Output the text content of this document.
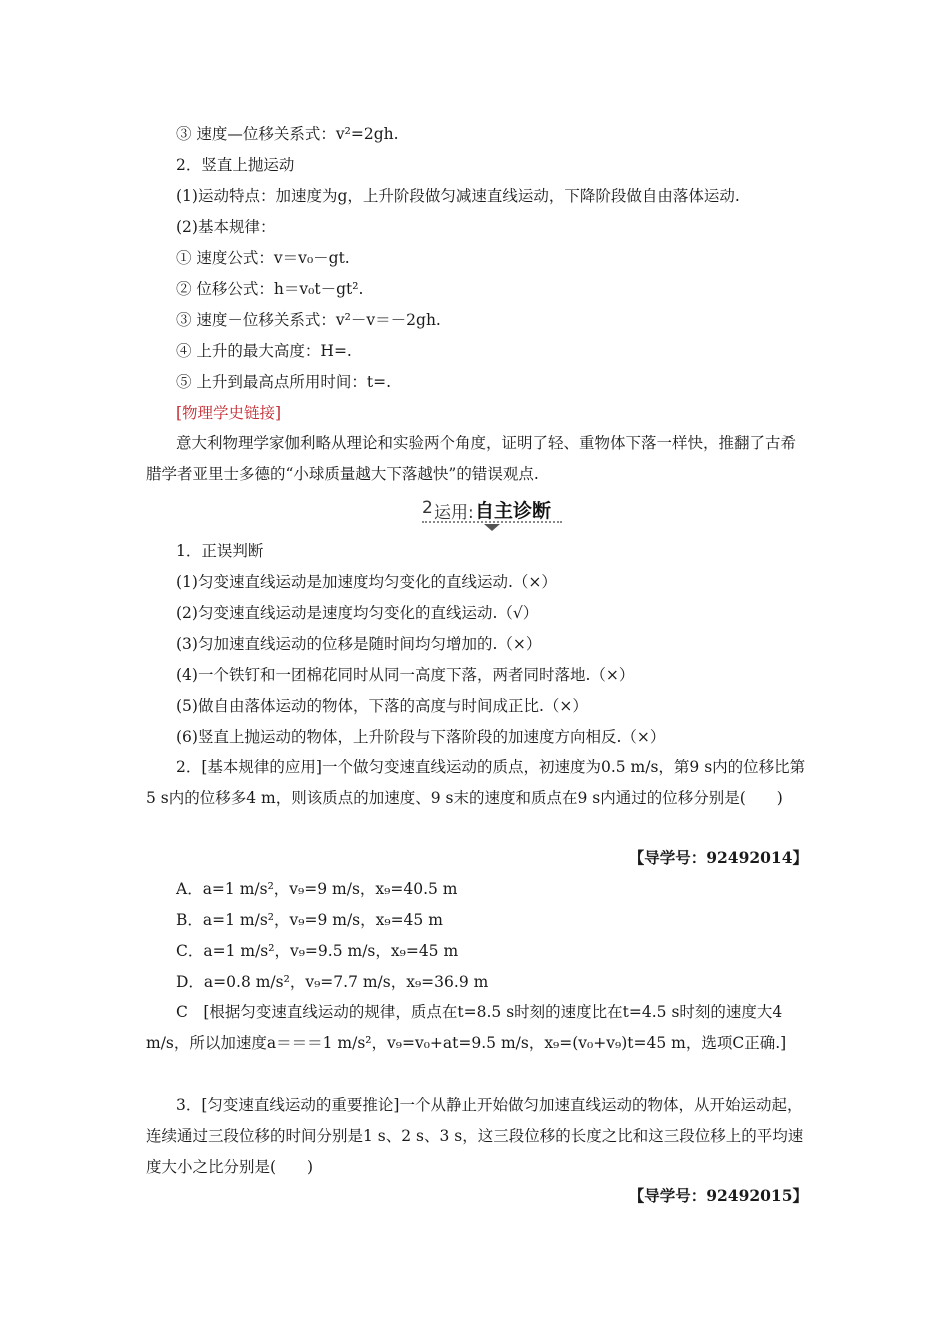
③ 速度—位移关系式：v²=2gh.
2．竖直上抛运动
(1)运动特点：加速度为g，上升阶段做匀减速直线运动，下降阶段做自由落体运动.
(2)基本规律：
① 速度公式：v＝v₀－gt.
② 位移公式：h＝v₀t－gt².
③ 速度－位移关系式：v²－v＝－2gh.
④ 上升的最大高度：H=.
⑤ 上升到最高点所用时间：t=.
[物理学史链接]
意大利物理学家伽利略从理论和实验两个角度，证明了轻、重物体下落一样快，推翻了古希腊学者亚里士多德的“小球质量越大下落越快”的错误观点.
2 运用: 自主诊断
1．正误判断
(1)匀变速直线运动是加速度均匀变化的直线运动.（×）
(2)匀变速直线运动是速度均匀变化的直线运动.（√）
(3)匀加速直线运动的位移是随时间均匀增加的.（×）
(4)一个铁钉和一团棉花同时从同一高度下落，两者同时落地.（×）
(5)做自由落体运动的物体，下落的高度与时间成正比.（×）
(6)竖直上抛运动的物体，上升阶段与下落阶段的加速度方向相反.（×）
2．[基本规律的应用]一个做匀变速直线运动的质点，初速度为0.5 m/s，第9 s内的位移比第5 s内的位移多4 m，则该质点的加速度、9 s末的速度和质点在9 s内通过的位移分别是(　　)
【导学号：92492014】
A．a=1 m/s²，v₉=9 m/s，x₉=40.5 m
B．a=1 m/s²，v₉=9 m/s，x₉=45 m
C．a=1 m/s²，v₉=9.5 m/s，x₉=45 m
D．a=0.8 m/s²，v₉=7.7 m/s，x₉=36.9 m
C　[根据匀变速直线运动的规律，质点在t=8.5 s时刻的速度比在t=4.5 s时刻的速度大4 m/s，所以加速度a＝＝＝1 m/s²，v₉=v₀+at=9.5 m/s，x₉=(v₀+v₉)t=45 m，选项C正确.]
3．[匀变速直线运动的重要推论]一个从静止开始做匀加速直线运动的物体，从开始运动起，连续通过三段位移的时间分别是1 s、2 s、3 s，这三段位移的长度之比和这三段位移上的平均速度大小之比分别是(　　)
【导学号：92492015】
